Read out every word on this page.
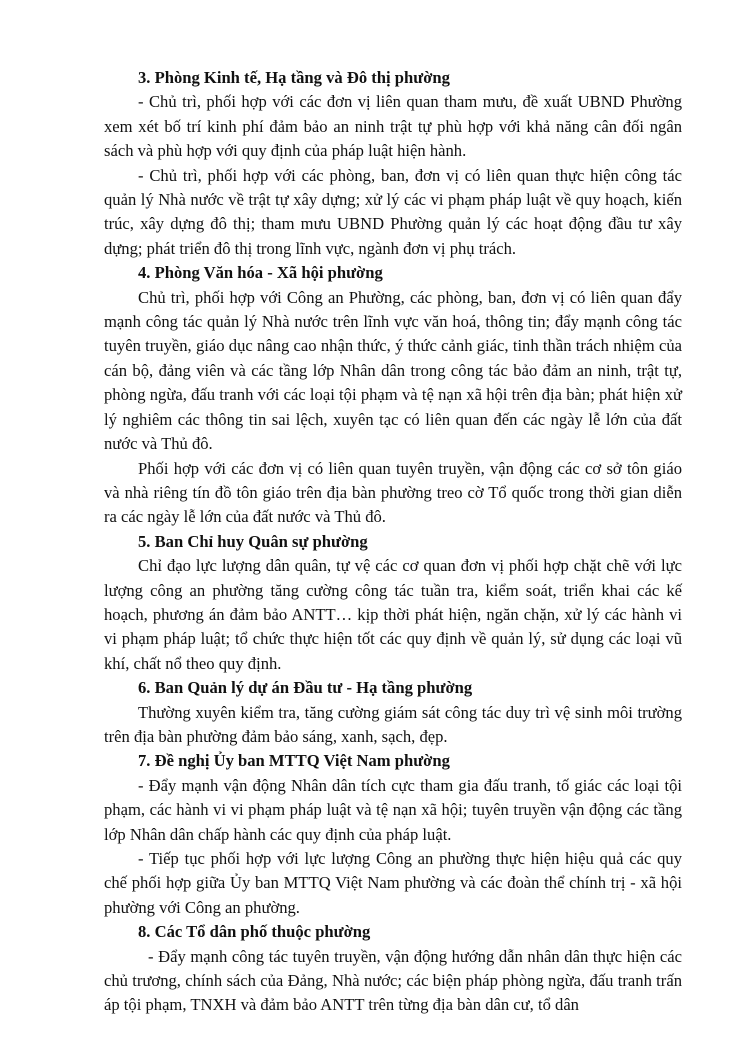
3. Phòng Kinh tế, Hạ tầng và Đô thị phường

- Chủ trì, phối hợp với các đơn vị liên quan tham mưu, đề xuất UBND Phường xem xét bố trí kinh phí đảm bảo an ninh trật tự phù hợp với khả năng cân đối ngân sách và phù hợp với quy định của pháp luật hiện hành.

- Chủ trì, phối hợp với các phòng, ban, đơn vị có liên quan thực hiện công tác quản lý Nhà nước về trật tự xây dựng; xử lý các vi phạm pháp luật về quy hoạch, kiến trúc, xây dựng đô thị; tham mưu UBND Phường quản lý các hoạt động đầu tư xây dựng; phát triển đô thị trong lĩnh vực, ngành đơn vị phụ trách.

4. Phòng Văn hóa - Xã hội phường

Chủ trì, phối hợp với Công an Phường, các phòng, ban, đơn vị có liên quan đẩy mạnh công tác quản lý Nhà nước trên lĩnh vực văn hoá, thông tin; đẩy mạnh công tác tuyên truyền, giáo dục nâng cao nhận thức, ý thức cảnh giác, tinh thần trách nhiệm của cán bộ, đảng viên và các tầng lớp Nhân dân trong công tác bảo đảm an ninh, trật tự, phòng ngừa, đấu tranh với các loại tội phạm và tệ nạn xã hội trên địa bàn; phát hiện xử lý nghiêm các thông tin sai lệch, xuyên tạc có liên quan đến các ngày lễ lớn của đất nước và Thủ đô.

Phối hợp với các đơn vị có liên quan tuyên truyền, vận động các cơ sở tôn giáo và nhà riêng tín đồ tôn giáo trên địa bàn phường treo cờ Tổ quốc trong thời gian diễn ra các ngày lễ lớn của đất nước và Thủ đô.

5. Ban Chỉ huy Quân sự phường

Chỉ đạo lực lượng dân quân, tự vệ các cơ quan đơn vị phối hợp chặt chẽ với lực lượng công an phường tăng cường công tác tuần tra, kiểm soát, triển khai các kế hoạch, phương án đảm bảo ANTT… kịp thời phát hiện, ngăn chặn, xử lý các hành vi vi phạm pháp luật; tổ chức thực hiện tốt các quy định về quản lý, sử dụng các loại vũ khí, chất nổ theo quy định.

6. Ban Quản lý dự án Đầu tư - Hạ tầng phường

Thường xuyên kiểm tra, tăng cường giám sát công tác duy trì vệ sinh môi trường trên địa bàn phường đảm bảo sáng, xanh, sạch, đẹp.

7. Đề nghị Ủy ban MTTQ Việt Nam phường

- Đẩy mạnh vận động Nhân dân tích cực tham gia đấu tranh, tố giác các loại tội phạm, các hành vi vi phạm pháp luật và tệ nạn xã hội; tuyên truyền vận động các tầng lớp Nhân dân chấp hành các quy định của pháp luật.

- Tiếp tục phối hợp với lực lượng Công an phường thực hiện hiệu quả các quy chế phối hợp giữa Ủy ban MTTQ Việt Nam phường và các đoàn thể chính trị - xã hội phường với Công an phường.

8. Các Tổ dân phố thuộc phường

- Đẩy mạnh công tác tuyên truyền, vận động hướng dẫn nhân dân thực hiện các chủ trương, chính sách của Đảng, Nhà nước; các biện pháp phòng ngừa, đấu tranh trấn áp tội phạm, TNXH và đảm bảo ANTT trên từng địa bàn dân cư, tổ dân
